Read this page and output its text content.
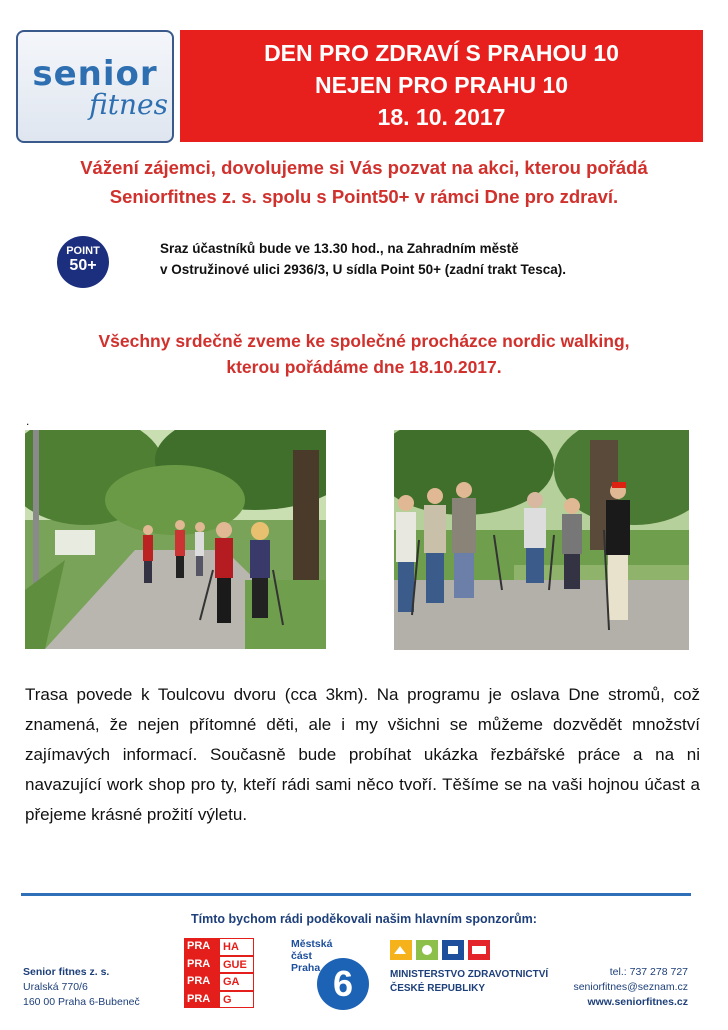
senior
fitnes
DEN PRO ZDRAVÍ S PRAHOU 10
NEJEN PRO PRAHU 10
18. 10. 2017
Vážení zájemci, dovolujeme si Vás pozvat na akci, kterou pořádá
Seniorfitnes z. s. spolu s Point50+ v rámci Dne pro zdraví.
POINT
50+
Sraz účastníků bude ve 13.30 hod., na Zahradním městě
v Ostružinové ulici 2936/3, U sídla Point 50+ (zadní trakt Tesca).
Všechny srdečně zveme ke společné procházce nordic walking,
kterou pořádáme dne 18.10.2017.
.
Trasa povede k Toulcovu dvoru (cca 3km). Na programu je oslava Dne stromů, což znamená, že nejen přítomné děti, ale i my všichni se můžeme dozvědět množství zajímavých informací. Současně bude probíhat ukázka řezbářské práce a na ni navazující work shop pro ty, kteří rádi sami něco tvoří. Těšíme se na vaši hojnou účast a přejeme krásné prožití výletu.
Tímto bychom rádi poděkovali našim hlavním sponzorům:
Senior fitnes z. s.
Uralská 770/6
160 00 Praha 6-Bubeneč
PRA	HA
PRA	GUE
PRA	GA
PRA	G
Městská
část
Praha 6	MINISTERSTVO ZDRAVOTNICTVÍ
ČESKÉ REPUBLIKY
tel.: 737 278 727
seniorfitnes@seznam.cz
www.seniorfitnes.cz
